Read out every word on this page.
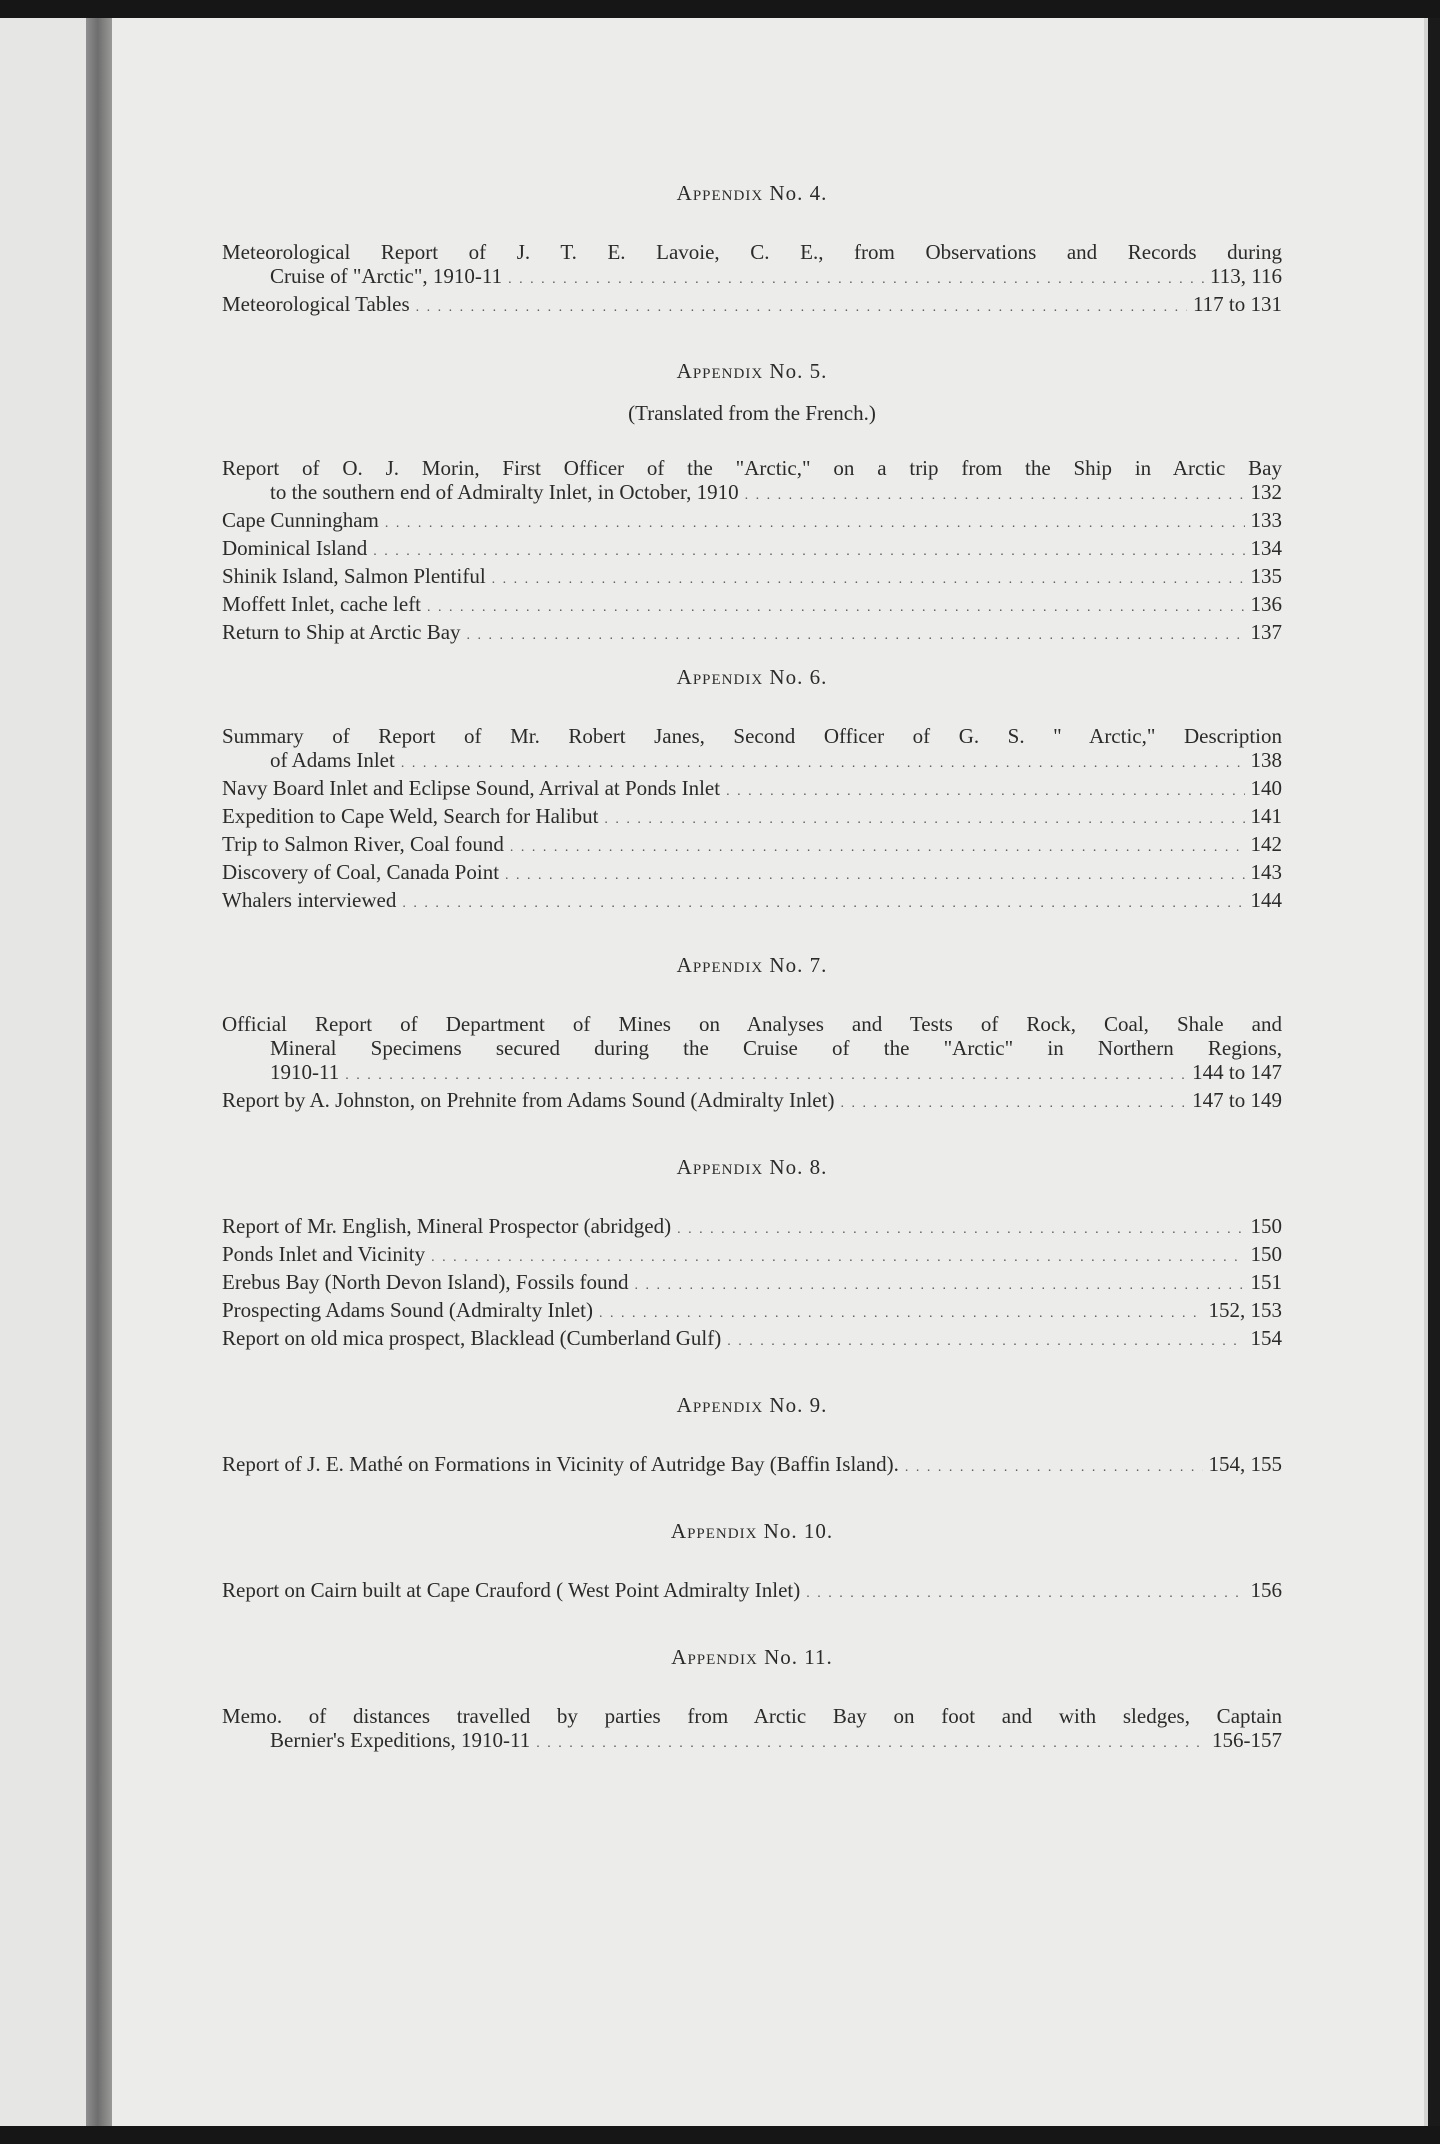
Appendix No. 4.

Meteorological Report of J. T. E. Lavoie, C. E., from Observations and Records during
Cruise of "Arctic", 1910-11 . . .	113, 116
Meteorological Tables . . .	117 to 131

Appendix No. 5.

(Translated from the French.)

Report of O. J. Morin, First Officer of the "Arctic," on a trip from the Ship in Arctic Bay
to the southern end of Admiralty Inlet, in October, 1910 . . .	132
Cape Cunningham . . .	133
Dominical Island . . .	134
Shinik Island, Salmon Plentiful . . .	135
Moffett Inlet, cache left . . .	136
Return to Ship at Arctic Bay . . .	137

Appendix No. 6.

Summary of Report of Mr. Robert Janes, Second Officer of G. S. " Arctic," Description
of Adams Inlet . . .	138
Navy Board Inlet and Eclipse Sound, Arrival at Ponds Inlet . . .	140
Expedition to Cape Weld, Search for Halibut . . .	141
Trip to Salmon River, Coal found . . .	142
Discovery of Coal, Canada Point . . .	143
Whalers interviewed . . .	144

Appendix No. 7.

Official Report of Department of Mines on Analyses and Tests of Rock, Coal, Shale and
Mineral Specimens secured during the Cruise of the "Arctic" in Northern Regions,
1910-11 . . .	144 to 147
Report by A. Johnston, on Prehnite from Adams Sound (Admiralty Inlet) . . .	147 to 149

Appendix No. 8.

Report of Mr. English, Mineral Prospector (abridged) . . .	150
Ponds Inlet and Vicinity . . .	150
Erebus Bay (North Devon Island), Fossils found . . .	151
Prospecting Adams Sound (Admiralty Inlet) . . .	152, 153
Report on old mica prospect, Blacklead (Cumberland Gulf) . . .	154

Appendix No. 9.

Report of J. E. Mathé on Formations in Vicinity of Autridge Bay (Baffin Island). . . .	154, 155

Appendix No. 10.

Report on Cairn built at Cape Crauford ( West Point Admiralty Inlet) . . .	156

Appendix No. 11.

Memo. of distances travelled by parties from Arctic Bay on foot and with sledges, Captain
Bernier's Expeditions, 1910-11 . . .	156-157
